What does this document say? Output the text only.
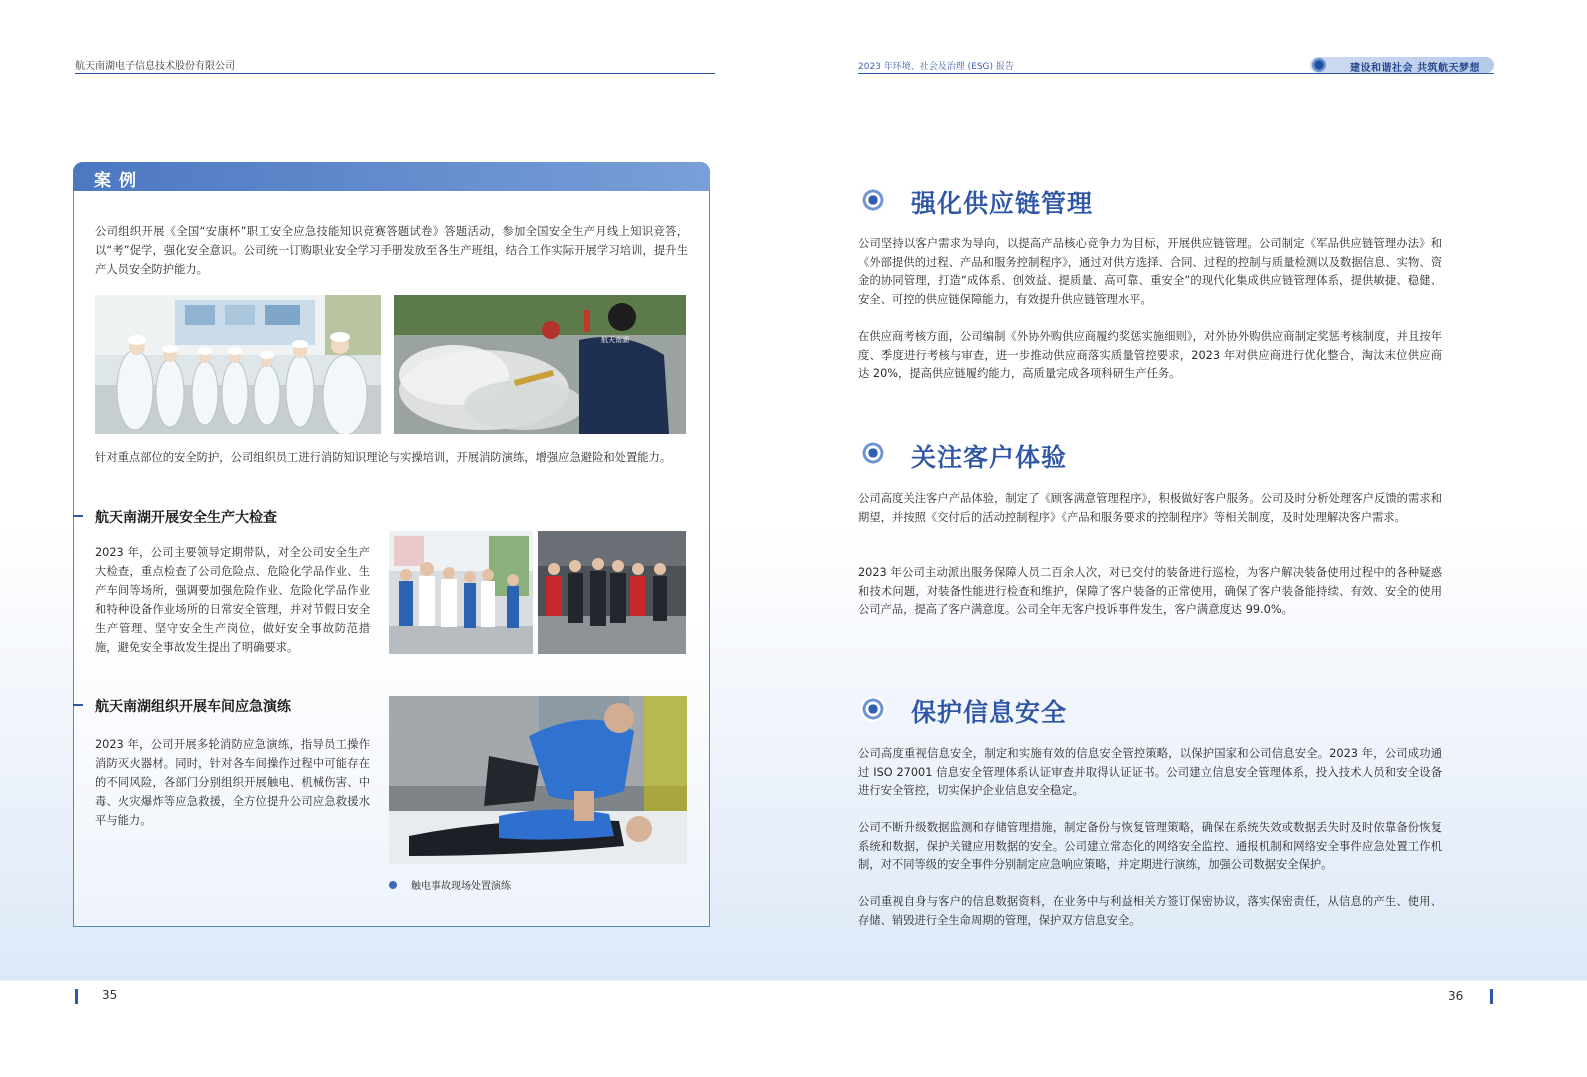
航天南湖电子信息技术股份有限公司	2023 年环境、社会及治理 (ESG) 报告	建设和谐社会 共筑航天梦想
案例
公司组织开展《全国“安康杯”职工安全应急技能知识竞赛答题试卷》答题活动，参加全国安全生产月线上知识竞答，以“考”促学，强化安全意识。公司统一订购职业安全学习手册发放至各生产班组，结合工作实际开展学习培训，提升生产人员安全防护能力。
航天南湖
针对重点部位的安全防护，公司组织员工进行消防知识理论与实操培训，开展消防演练，增强应急避险和处置能力。
航天南湖开展安全生产大检查
2023 年，公司主要领导定期带队，对全公司安全生产大检查，重点检查了公司危险点、危险化学品作业、生产车间等场所，强调要加强危险作业、危险化学品作业和特种设备作业场所的日常安全管理，并对节假日安全生产管理、坚守安全生产岗位，做好安全事故防范措施，避免安全事故发生提出了明确要求。
航天南湖组织开展车间应急演练
2023 年，公司开展多轮消防应急演练，指导员工操作消防灭火器材。同时，针对各车间操作过程中可能存在的不同风险，各部门分别组织开展触电、机械伤害、中毒、火灾爆炸等应急救援，全方位提升公司应急救援水平与能力。
触电事故现场处置演练
强化供应链管理
公司坚持以客户需求为导向，以提高产品核心竞争力为目标，开展供应链管理。公司制定《军品供应链管理办法》和《外部提供的过程、产品和服务控制程序》，通过对供方选择、合同、过程的控制与质量检测以及数据信息、实物、资金的协同管理，打造“成体系、创效益、提质量、高可靠、重安全”的现代化集成供应链管理体系，提供敏捷、稳健、安全、可控的供应链保障能力，有效提升供应链管理水平。
在供应商考核方面，公司编制《外协外购供应商履约奖惩实施细则》，对外协外购供应商制定奖惩考核制度，并且按年度、季度进行考核与审查，进一步推动供应商落实质量管控要求，2023 年对供应商进行优化整合，淘汰末位供应商达 20%，提高供应链履约能力，高质量完成各项科研生产任务。
关注客户体验
公司高度关注客户产品体验，制定了《顾客满意管理程序》，积极做好客户服务。公司及时分析处理客户反馈的需求和期望，并按照《交付后的活动控制程序》《产品和服务要求的控制程序》等相关制度，及时处理解决客户需求。
2023 年公司主动派出服务保障人员二百余人次，对已交付的装备进行巡检，为客户解决装备使用过程中的各种疑惑和技术问题，对装备性能进行检查和维护，保障了客户装备的正常使用，确保了客户装备能持续、有效、安全的使用公司产品，提高了客户满意度。公司全年无客户投诉事件发生，客户满意度达 99.0%。
保护信息安全
公司高度重视信息安全，制定和实施有效的信息安全管控策略，以保护国家和公司信息安全。2023 年，公司成功通过 ISO 27001 信息安全管理体系认证审查并取得认证证书。公司建立信息安全管理体系，投入技术人员和安全设备进行安全管控，切实保护企业信息安全稳定。
公司不断升级数据监测和存储管理措施，制定备份与恢复管理策略，确保在系统失效或数据丢失时及时依靠备份恢复系统和数据，保护关键应用数据的安全。公司建立常态化的网络安全监控、通报机制和网络安全事件应急处置工作机制，对不同等级的安全事件分别制定应急响应策略，并定期进行演练，加强公司数据安全保护。
公司重视自身与客户的信息数据资料，在业务中与利益相关方签订保密协议，落实保密责任，从信息的产生、使用、存储、销毁进行全生命周期的管理，保护双方信息安全。
35	36
